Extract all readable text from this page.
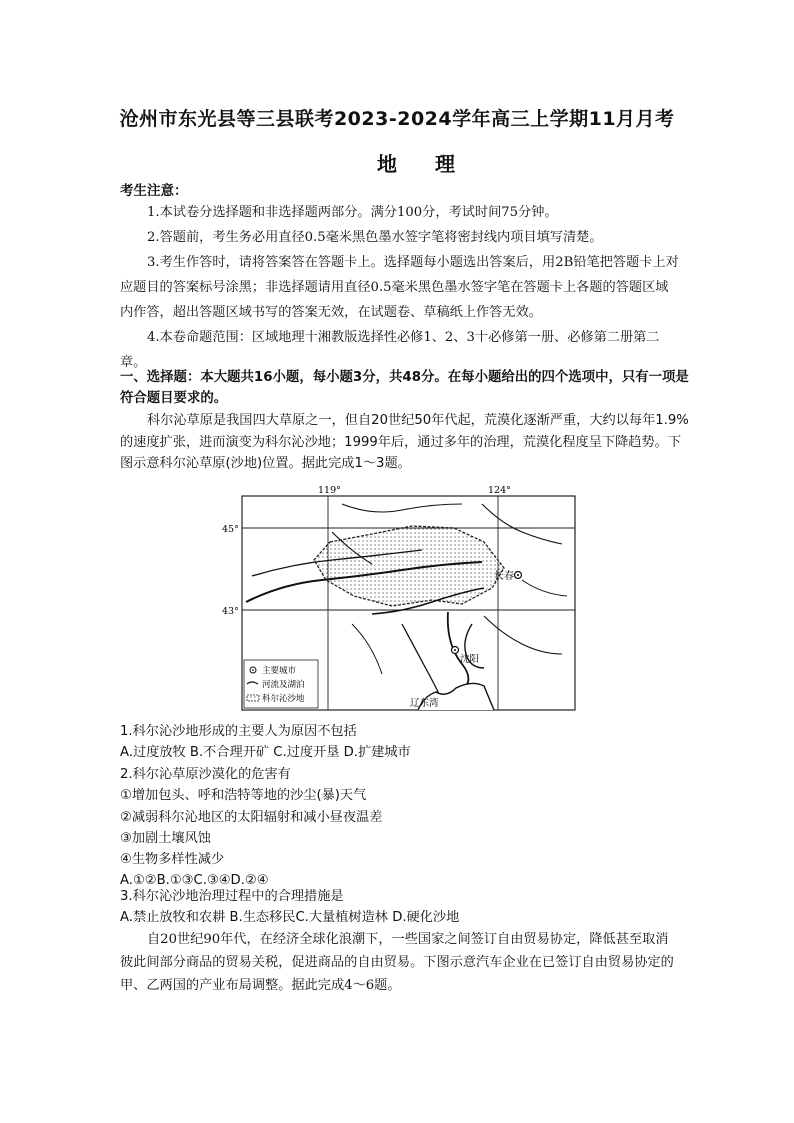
沧州市东光县等三县联考2023-2024学年高三上学期11月月考
地理
考生注意：

1.本试卷分选择题和非选择题两部分。满分100分，考试时间75分钟。

2.答题前，考生务必用直径0.5毫米黑色墨水签字笔将密封线内项目填写清楚。

3.考生作答时，请将答案答在答题卡上。选择题每小题选出答案后，用2B铅笔把答题卡上对应题目的答案标号涂黑；非选择题请用直径0.5毫米黑色墨水签字笔在答题卡上各题的答题区域内作答，超出答题区域书写的答案无效，在试题卷、草稿纸上作答无效。

4.本卷命题范围：区域地理十湘教版选择性必修1、2、3十必修第一册、必修第二册第二章。

一、选择题：本大题共16小题，每小题3分，共48分。在每小题给出的四个选项中，只有一项是符合题目要求的。
科尔沁草原是我国四大草原之一，但自20世纪50年代起，荒漠化逐渐严重，大约以每年1.9%的速度扩张，进而演变为科尔沁沙地；1999年后，通过多年的治理，荒漠化程度呈下降趋势。下图示意科尔沁草原(沙地)位置。据此完成1～3题。
长春
沈阳
辽东湾
119°	124°
45°
43°
主要城市
河流及湖泊
科尔沁沙地
1.科尔沁沙地形成的主要人为原因不包括
A.过度放牧 B.不合理开矿 C.过度开垦 D.扩建城市
2.科尔沁草原沙漠化的危害有
①增加包头、呼和浩特等地的沙尘(暴)天气
②减弱科尔沁地区的太阳辐射和减小昼夜温差
③加剧土壤风蚀
④生物多样性减少
A.①②B.①③C.③④D.②④
3.科尔沁沙地治理过程中的合理措施是
A.禁止放牧和农耕 B.生态移民C.大量植树造林 D.硬化沙地
自20世纪90年代，在经济全球化浪潮下，一些国家之间签订自由贸易协定，降低甚至取消彼此间部分商品的贸易关税，促进商品的自由贸易。下图示意汽车企业在已签订自由贸易协定的甲、乙两国的产业布局调整。据此完成4～6题。
